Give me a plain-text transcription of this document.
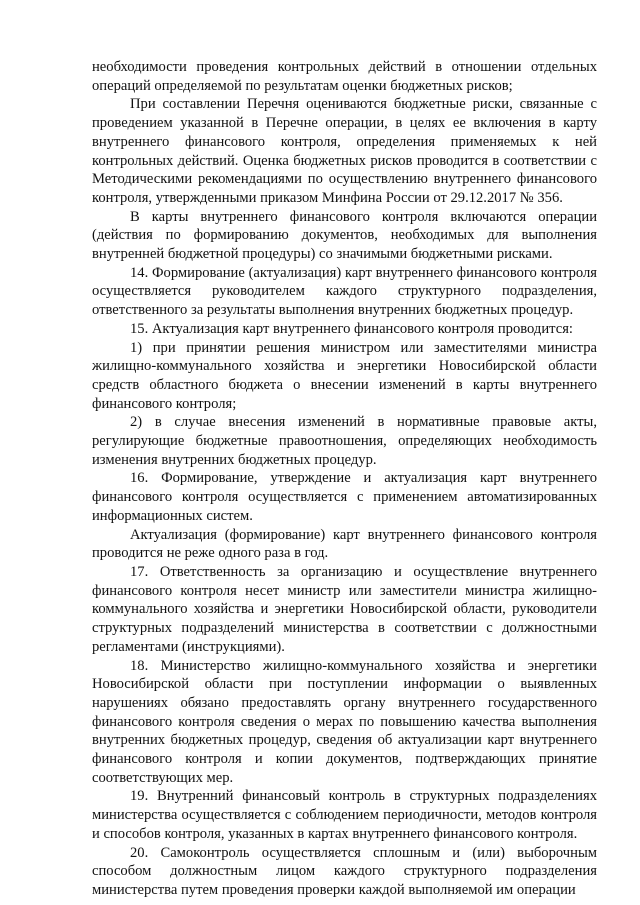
необходимости проведения контрольных действий в отношении отдельных операций определяемой по результатам оценки бюджетных рисков;

При составлении Перечня оцениваются бюджетные риски, связанные с проведением указанной в Перечне операции, в целях ее включения в карту внутреннего финансового контроля, определения применяемых к ней контрольных действий. Оценка бюджетных рисков проводится в соответствии с Методическими рекомендациями по осуществлению внутреннего финансового контроля, утвержденными приказом Минфина России от 29.12.2017 № 356.

В карты внутреннего финансового контроля включаются операции (действия по формированию документов, необходимых для выполнения внутренней бюджетной процедуры) со значимыми бюджетными рисками.

14. Формирование (актуализация) карт внутреннего финансового контроля осуществляется руководителем каждого структурного подразделения, ответственного за результаты выполнения внутренних бюджетных процедур.

15. Актуализация карт внутреннего финансового контроля проводится:

1) при принятии решения министром или заместителями министра жилищно-коммунального хозяйства и энергетики Новосибирской области средств областного бюджета о внесении изменений в карты внутреннего финансового контроля;

2) в случае внесения изменений в нормативные правовые акты, регулирующие бюджетные правоотношения, определяющих необходимость изменения внутренних бюджетных процедур.

16. Формирование, утверждение и актуализация карт внутреннего финансового контроля осуществляется с применением автоматизированных информационных систем.

Актуализация (формирование) карт внутреннего финансового контроля проводится не реже одного раза в год.

17. Ответственность за организацию и осуществление внутреннего финансового контроля несет министр или заместители министра жилищно-коммунального хозяйства и энергетики Новосибирской области, руководители структурных подразделений министерства в соответствии с должностными регламентами (инструкциями).

18. Министерство жилищно-коммунального хозяйства и энергетики Новосибирской области при поступлении информации о выявленных нарушениях обязано предоставлять органу внутреннего государственного финансового контроля сведения о мерах по повышению качества выполнения внутренних бюджетных процедур, сведения об актуализации карт внутреннего финансового контроля и копии документов, подтверждающих принятие соответствующих мер.

19. Внутренний финансовый контроль в структурных подразделениях министерства осуществляется с соблюдением периодичности, методов контроля и способов контроля, указанных в картах внутреннего финансового контроля.

20. Самоконтроль осуществляется сплошным и (или) выборочным способом должностным лицом каждого структурного подразделения министерства путем проведения проверки каждой выполняемой им операции
